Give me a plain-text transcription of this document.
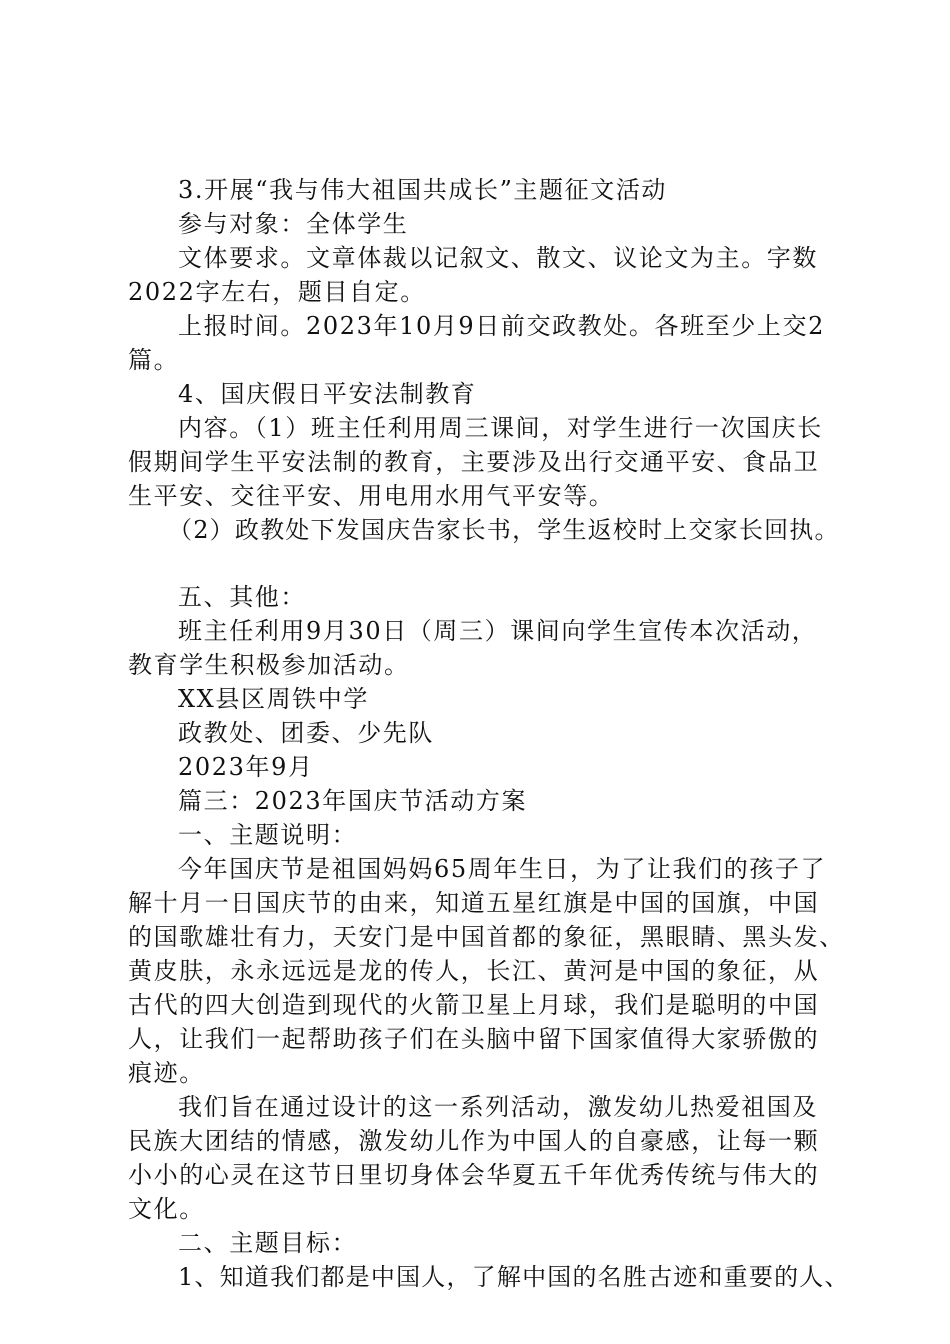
3.开展“我与伟大祖国共成长”主题征文活动
参与对象：全体学生
文体要求。文章体裁以记叙文、散文、议论文为主。字数
2022字左右，题目自定。
上报时间。2023年10月9日前交政教处。各班至少上交2
篇。
4、国庆假日平安法制教育
内容。（1）班主任利用周三课间，对学生进行一次国庆长
假期间学生平安法制的教育，主要涉及出行交通平安、食品卫
生平安、交往平安、用电用水用气平安等。
（2）政教处下发国庆告家长书，学生返校时上交家长回执。
五、其他：
班主任利用9月30日（周三）课间向学生宣传本次活动，
教育学生积极参加活动。
XX县区周铁中学
政教处、团委、少先队
2023年9月
篇三：2023年国庆节活动方案
一、主题说明：
今年国庆节是祖国妈妈65周年生日，为了让我们的孩子了
解十月一日国庆节的由来，知道五星红旗是中国的国旗，中国
的国歌雄壮有力，天安门是中国首都的象征，黑眼睛、黑头发、
黄皮肤，永永远远是龙的传人，长江、黄河是中国的象征，从
古代的四大创造到现代的火箭卫星上月球，我们是聪明的中国
人，让我们一起帮助孩子们在头脑中留下国家值得大家骄傲的
痕迹。
我们旨在通过设计的这一系列活动，激发幼儿热爱祖国及
民族大团结的情感，激发幼儿作为中国人的自豪感，让每一颗
小小的心灵在这节日里切身体会华夏五千年优秀传统与伟大的
文化。
二、主题目标：
1、知道我们都是中国人，了解中国的名胜古迹和重要的人、
